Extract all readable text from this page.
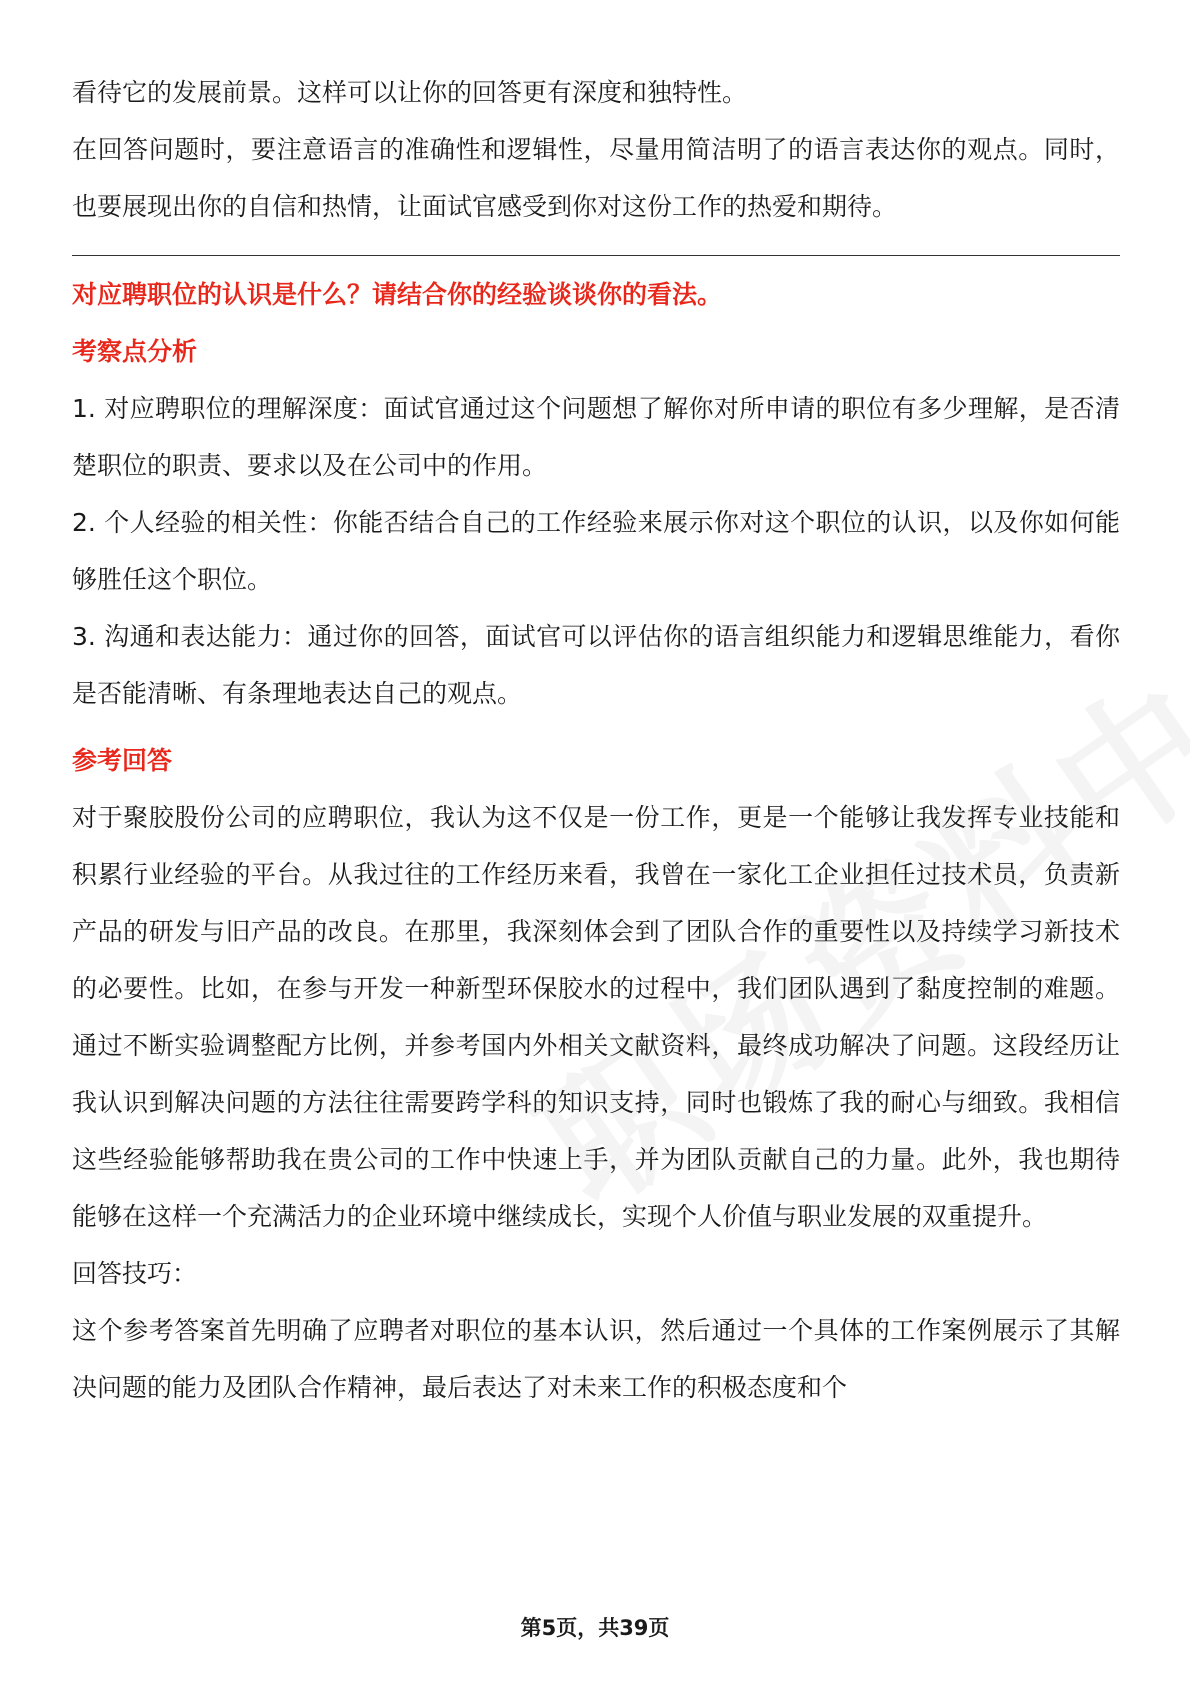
看待它的发展前景。这样可以让你的回答更有深度和独特性。

在回答问题时，要注意语言的准确性和逻辑性，尽量用简洁明了的语言表达你的观点。同时，也要展现出你的自信和热情，让面试官感受到你对这份工作的热爱和期待。

对应聘职位的认识是什么？请结合你的经验谈谈你的看法。

考察点分析

1. 对应聘职位的理解深度：面试官通过这个问题想了解你对所申请的职位有多少理解，是否清楚职位的职责、要求以及在公司中的作用。

2. 个人经验的相关性：你能否结合自己的工作经验来展示你对这个职位的认识，以及你如何能够胜任这个职位。

3. 沟通和表达能力：通过你的回答，面试官可以评估你的语言组织能力和逻辑思维能力，看你是否能清晰、有条理地表达自己的观点。

参考回答

对于聚胶股份公司的应聘职位，我认为这不仅是一份工作，更是一个能够让我发挥专业技能和积累行业经验的平台。从我过往的工作经历来看，我曾在一家化工企业担任过技术员，负责新产品的研发与旧产品的改良。在那里，我深刻体会到了团队合作的重要性以及持续学习新技术的必要性。比如，在参与开发一种新型环保胶水的过程中，我们团队遇到了黏度控制的难题。通过不断实验调整配方比例，并参考国内外相关文献资料，最终成功解决了问题。这段经历让我认识到解决问题的方法往往需要跨学科的知识支持，同时也锻炼了我的耐心与细致。我相信这些经验能够帮助我在贵公司的工作中快速上手，并为团队贡献自己的力量。此外，我也期待能够在这样一个充满活力的企业环境中继续成长，实现个人价值与职业发展的双重提升。

回答技巧：

这个参考答案首先明确了应聘者对职位的基本认识，然后通过一个具体的工作案例展示了其解决问题的能力及团队合作精神，最后表达了对未来工作的积极态度和个

第5页，共39页
